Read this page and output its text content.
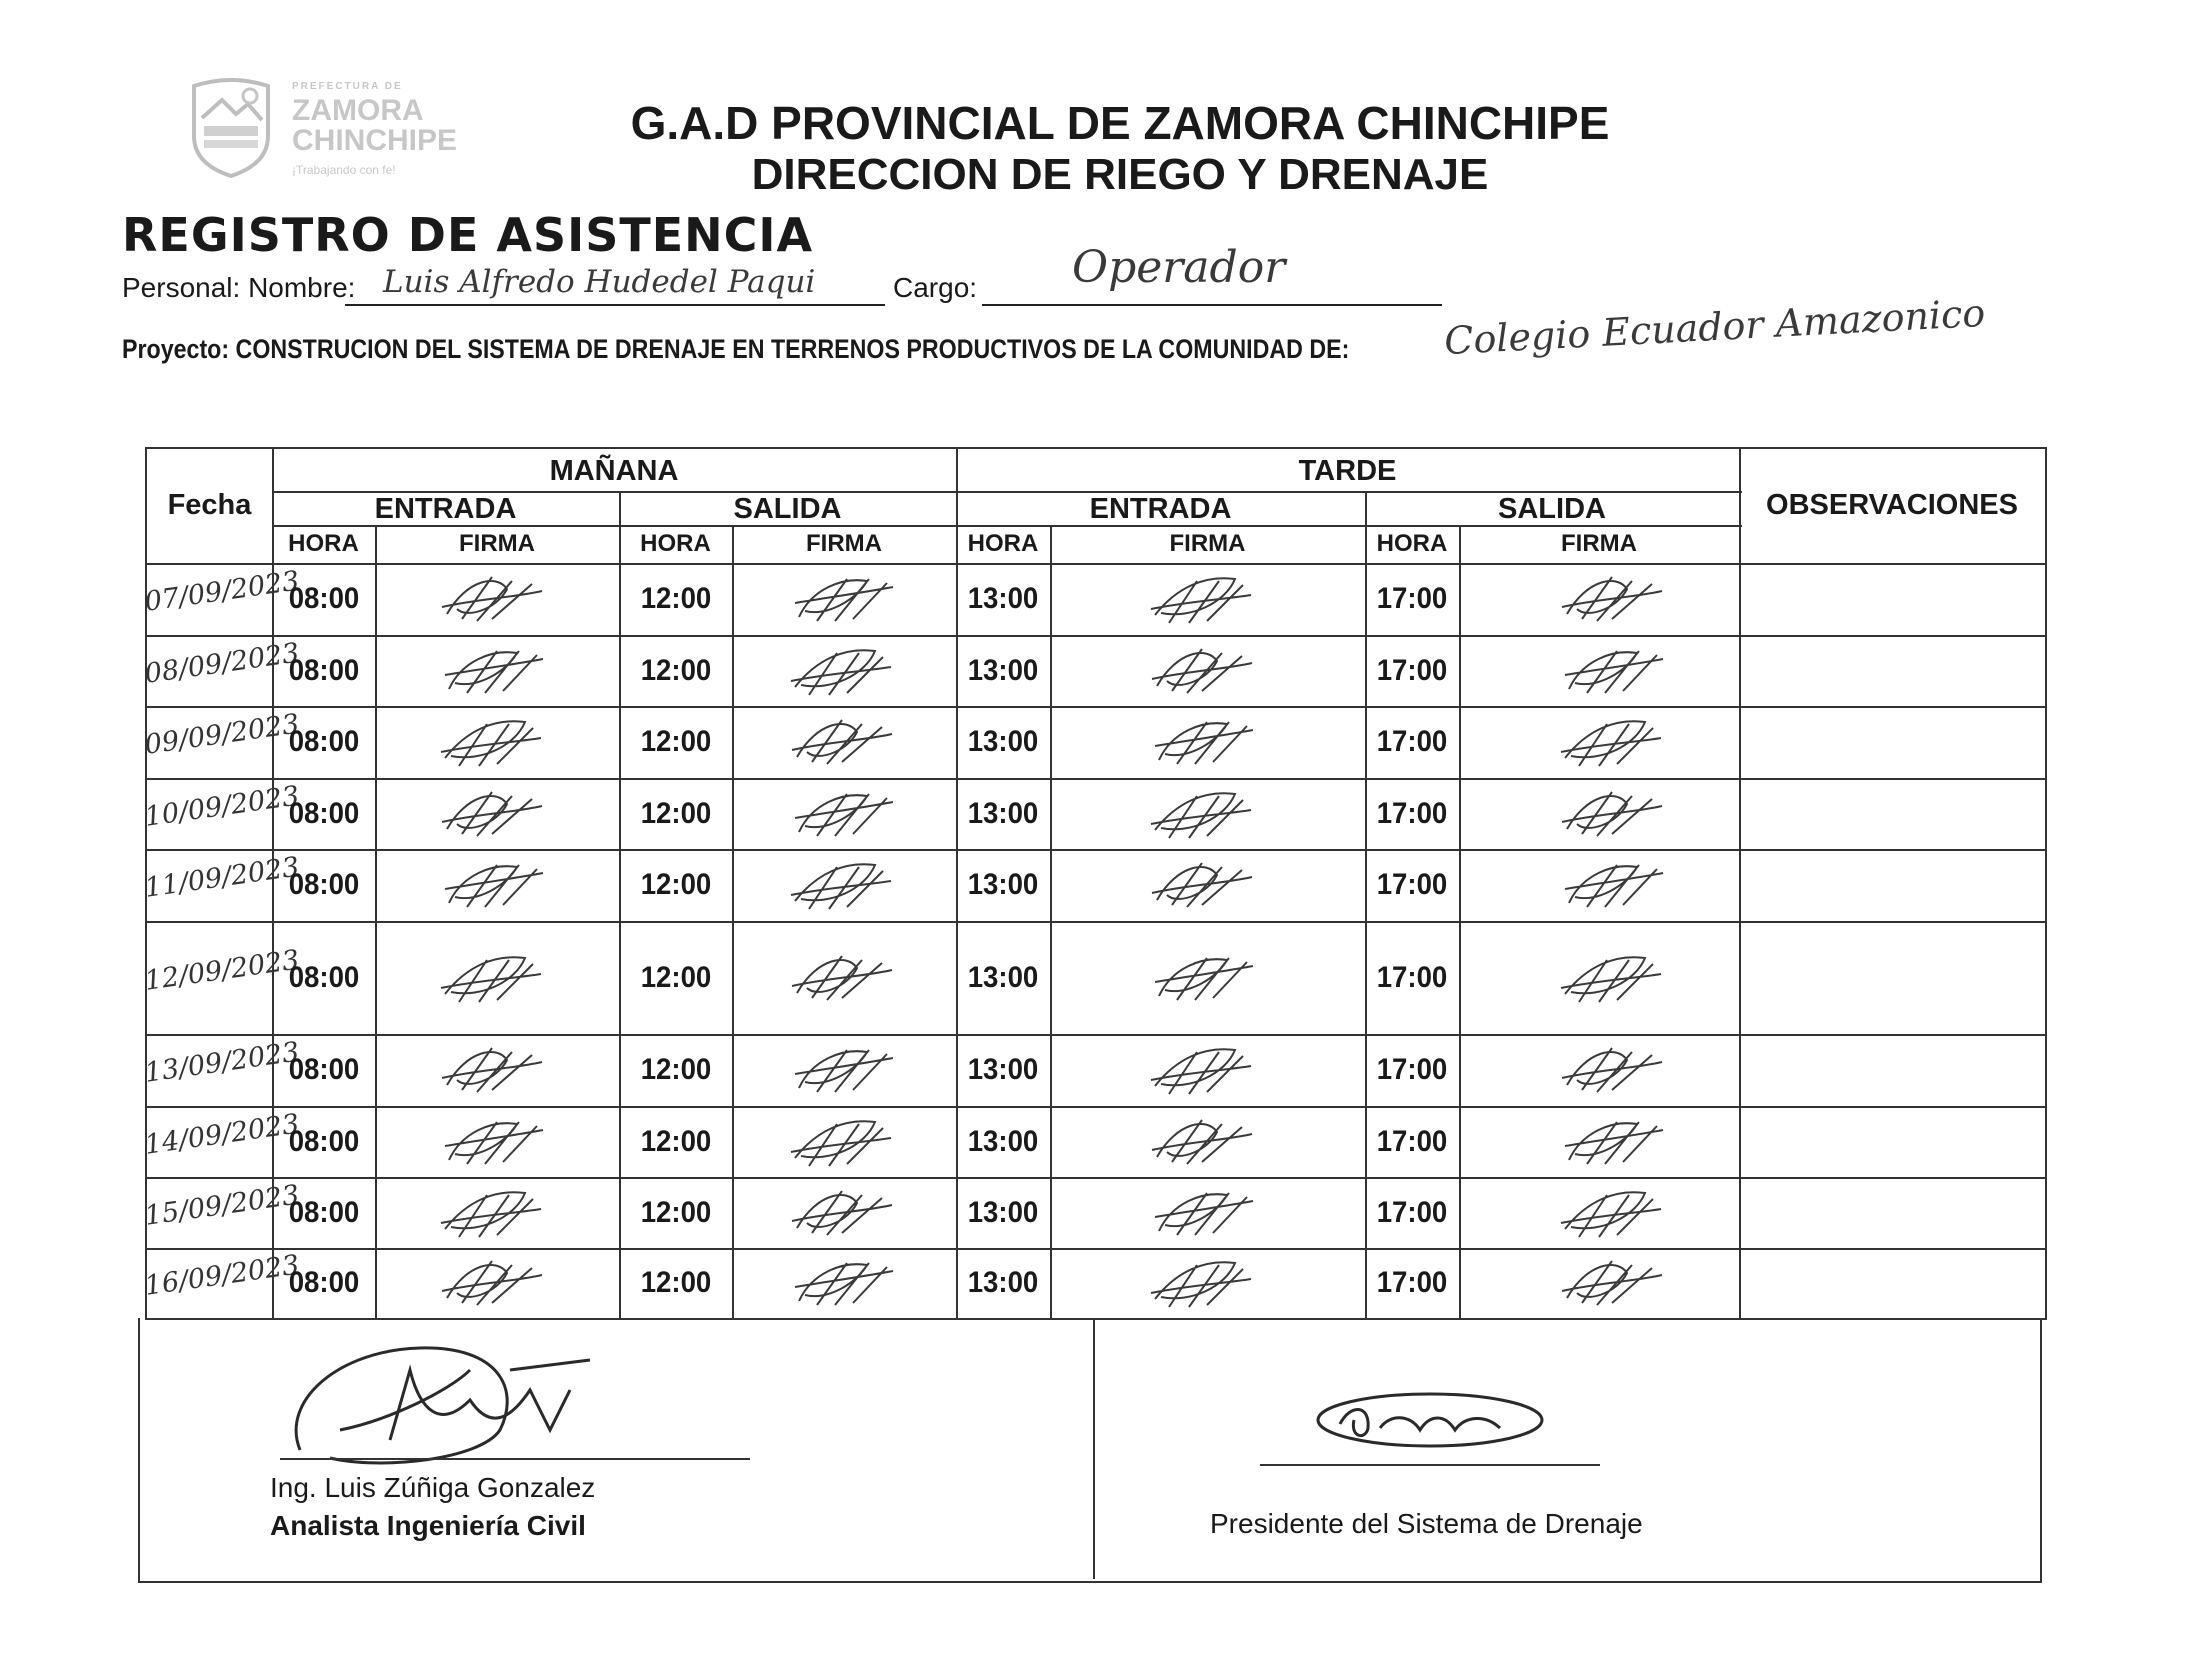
PREFECTURA DE
ZAMORA
CHINCHIPE
¡Trabajando con fe!
G.A.D PROVINCIAL DE ZAMORA CHINCHIPE
DIRECCION DE RIEGO Y DRENAJE
REGISTRO DE ASISTENCIA
Personal: Nombre: Luis Alfredo Hudedel Paqui	Cargo: Operador
Proyecto: CONSTRUCION DEL SISTEMA DE DRENAJE EN TERRENOS PRODUCTIVOS DE LA COMUNIDAD DE: Colegio Ecuador Amazonico
Fecha
MAÑANA	TARDE
OBSERVACIONES
ENTRADA	SALIDA	ENTRADA	SALIDA
HORA	FIRMA	HORA	FIRMA	HORA	FIRMA	HORA	FIRMA
07/09/2023
08:00	12:00	13:00	17:00
08/09/2023
08:00	12:00	13:00	17:00
09/09/2023
08:00	12:00	13:00	17:00
10/09/2023
08:00	12:00	13:00	17:00
11/09/2023
08:00	12:00	13:00	17:00
12/09/2023
08:00	12:00	13:00	17:00
13/09/2023
08:00	12:00	13:00	17:00
14/09/2023
08:00	12:00	13:00	17:00
15/09/2023
08:00	12:00	13:00	17:00
16/09/2023
08:00	12:00	13:00	17:00
Ing. Luis Zúñiga Gonzalez
Analista Ingeniería Civil	Presidente del Sistema de Drenaje
